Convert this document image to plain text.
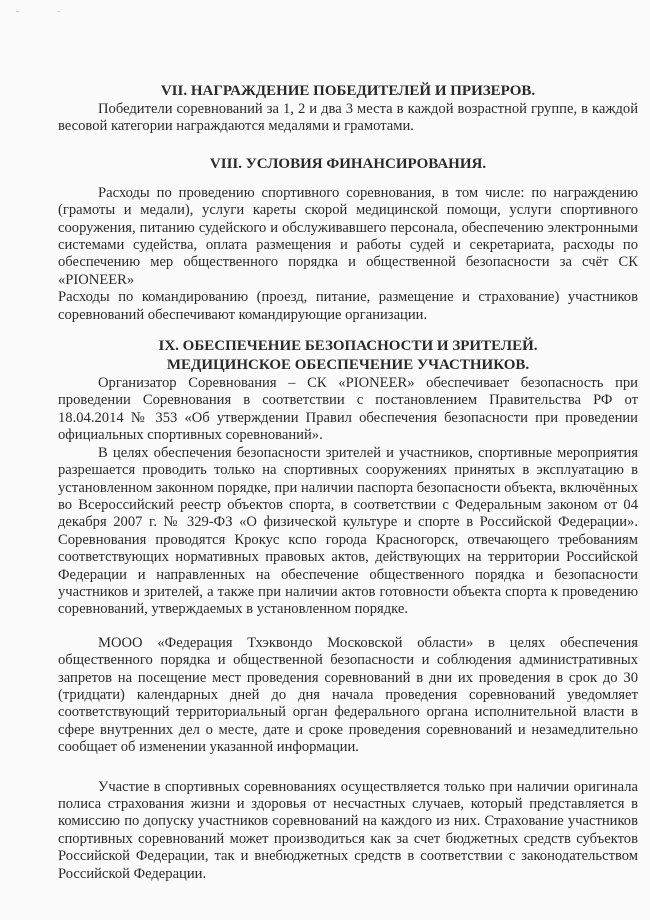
- -
VII. НАГРАЖДЕНИЕ ПОБЕДИТЕЛЕЙ И ПРИЗЕРОВ.

Победители соревнований за 1, 2 и два 3 места в каждой возрастной группе, в каждой весовой категории награждаются медалями и грамотами.

VIII. УСЛОВИЯ ФИНАНСИРОВАНИЯ.

Расходы по проведению спортивного соревнования, в том числе: по награждению (грамоты и медали), услуги кареты скорой медицинской помощи, услуги спортивного сооружения, питанию судейского и обслуживавшего персонала, обеспечению электронными системами судейства, оплата размещения и работы судей и секретариата, расходы по обеспечению мер общественного порядка и общественной безопасности за счёт СК «PIONEER»

Расходы по командированию (проезд, питание, размещение и страхование) участников соревнований обеспечивают командирующие организации.

IX. ОБЕСПЕЧЕНИЕ БЕЗОПАСНОСТИ И ЗРИТЕЛЕЙ.
МЕДИЦИНСКОЕ ОБЕСПЕЧЕНИЕ УЧАСТНИКОВ.

Организатор Соревнования – СК «PIONEER» обеспечивает безопасность при проведении Соревнования в соответствии с постановлением Правительства РФ от 18.04.2014 № 353 «Об утверждении Правил обеспечения безопасности при проведении официальных спортивных соревнований».

В целях обеспечения безопасности зрителей и участников, спортивные мероприятия разрешается проводить только на спортивных сооружениях принятых в эксплуатацию в установленном законном порядке, при наличии паспорта безопасности объекта, включённых во Всероссийский реестр объектов спорта, в соответствии с Федеральным законом от 04 декабря 2007 г. № 329-ФЗ «О физической культуре и спорте в Российской Федерации». Соревнования проводятся Крокус кспо города Красногорск, отвечающего требованиям соответствующих нормативных правовых актов, действующих на территории Российской Федерации и направленных на обеспечение общественного порядка и безопасности участников и зрителей, а также при наличии актов готовности объекта спорта к проведению соревнований, утверждаемых в установленном порядке.

МООО «Федерация Тхэквондо Московской области» в целях обеспечения общественного порядка и общественной безопасности и соблюдения административных запретов на посещение мест проведения соревнований в дни их проведения в срок до 30 (тридцати) календарных дней до дня начала проведения соревнований уведомляет соответствующий территориальный орган федерального органа исполнительной власти в сфере внутренних дел о месте, дате и сроке проведения соревнований и незамедлительно сообщает об изменении указанной информации.

Участие в спортивных соревнованиях осуществляется только при наличии оригинала полиса страхования жизни и здоровья от несчастных случаев, который представляется в комиссию по допуску участников соревнований на каждого из них. Страхование участников спортивных соревнований может производиться как за счет бюджетных средств субъектов Российской Федерации, так и внебюджетных средств в соответствии с законодательством Российской Федерации.
